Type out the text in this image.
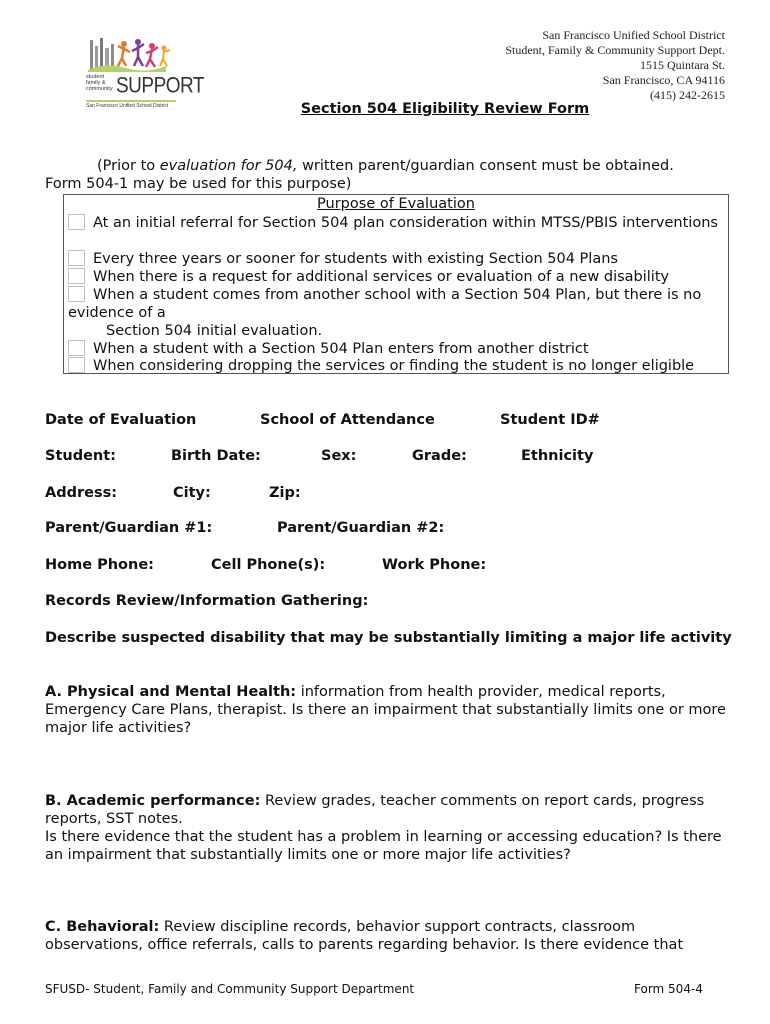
student family & community SUPPORT
San Francisco Unified School District
San Francisco Unified School District
Student, Family & Community Support Dept.
1515 Quintara St.
San Francisco, CA 94116
(415) 242-2615
Section 504 Eligibility Review Form
(Prior to evaluation for 504, written parent/guardian consent must be obtained.
Form 504-1 may be used for this purpose)
Purpose of Evaluation
At an initial referral for Section 504 plan consideration within MTSS/PBIS interventions
Every three years or sooner for students with existing Section 504 Plans
When there is a request for additional services or evaluation of a new disability
When a student comes from another school with a Section 504 Plan, but there is no evidence of a
Section 504 initial evaluation.
When a student with a Section 504 Plan enters from another district
When considering dropping the services or finding the student is no longer eligible
Date of Evaluation	School of Attendance	Student ID#
Student:	Birth Date:	Sex:	Grade:	Ethnicity
Address:	City:	Zip:
Parent/Guardian #1:	Parent/Guardian #2:
Home Phone:	Cell Phone(s):	Work Phone:
Records Review/Information Gathering:
Describe suspected disability that may be substantially limiting a major life activity
A. Physical and Mental Health: information from health provider, medical reports, Emergency Care Plans, therapist. Is there an impairment that substantially limits one or more major life activities?
B. Academic performance: Review grades, teacher comments on report cards, progress reports, SST notes.
Is there evidence that the student has a problem in learning or accessing education? Is there an impairment that substantially limits one or more major life activities?
C. Behavioral: Review discipline records, behavior support contracts, classroom observations, office referrals, calls to parents regarding behavior. Is there evidence that
SFUSD- Student, Family and Community Support Department	Form 504-4
